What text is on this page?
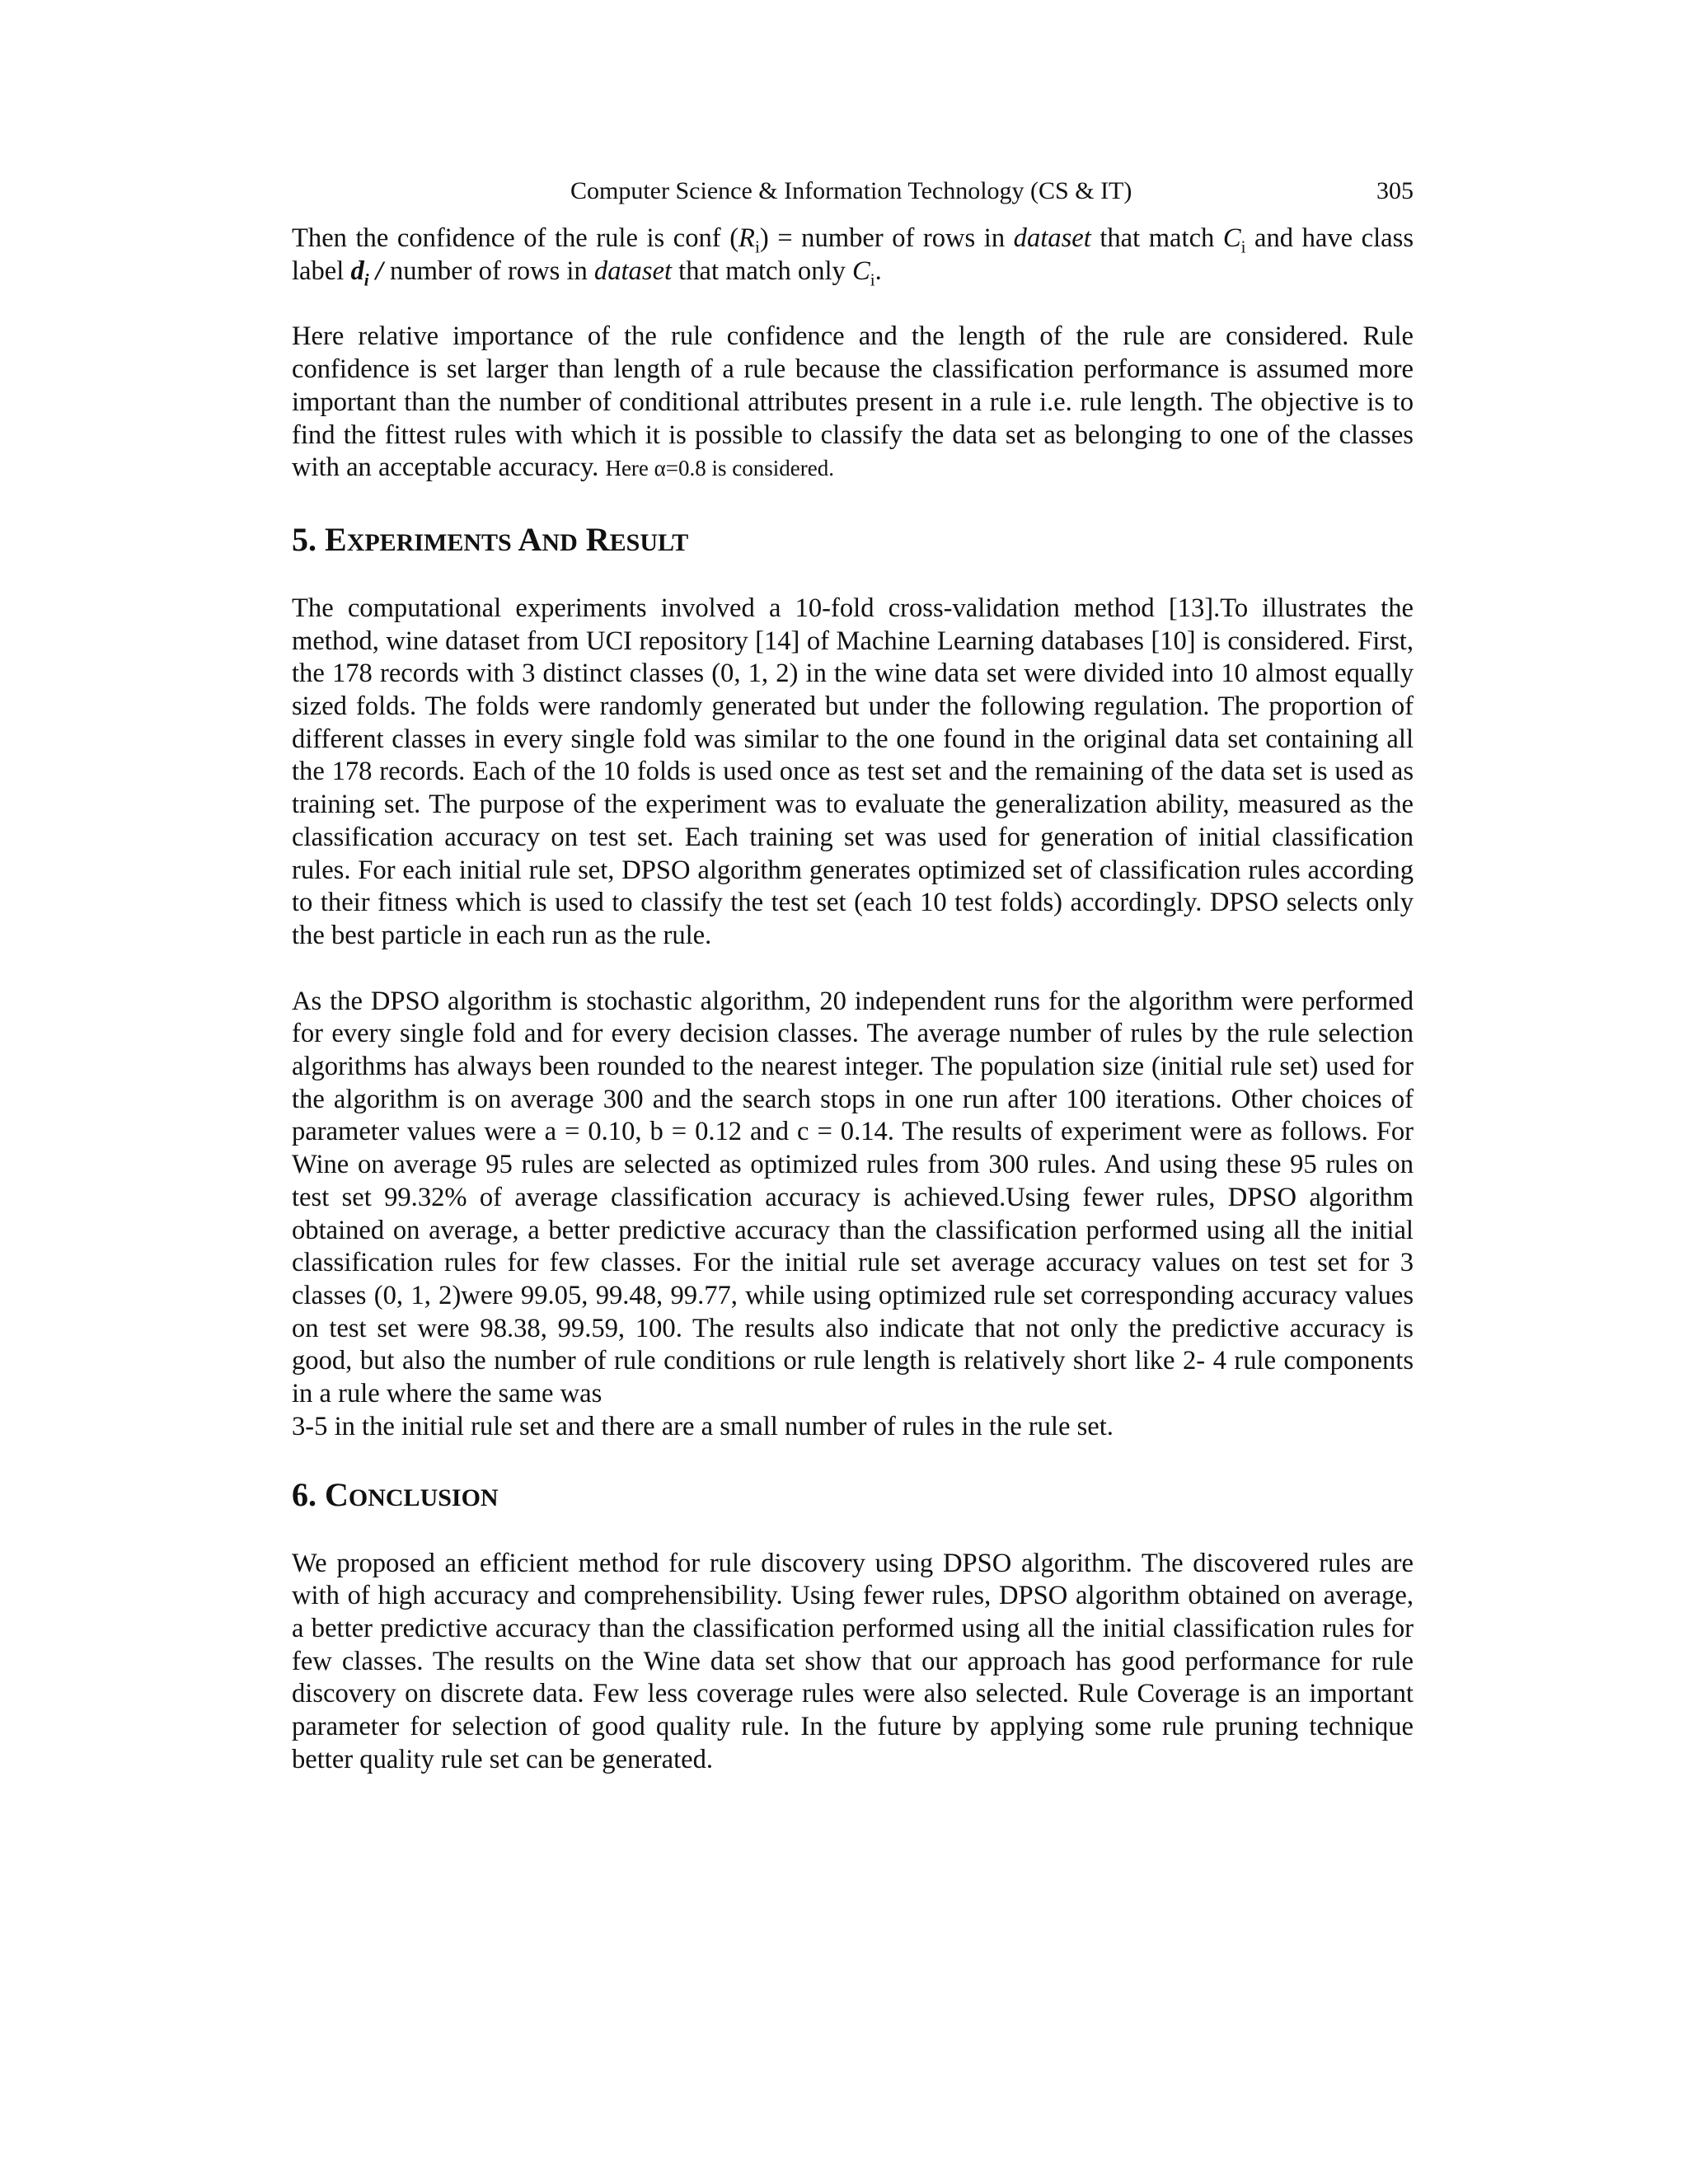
Computer Science & Information Technology (CS & IT)	305

Then the confidence of the rule is conf $(R_i)$ = number of rows in dataset that match $C_i$ and have class label $d_i$ / number of rows in dataset that match only $C_i$.

Here relative importance of the rule confidence and the length of the rule are considered. Rule confidence is set larger than length of a rule because the classification performance is assumed more important than the number of conditional attributes present in a rule i.e. rule length. The objective is to find the fittest rules with which it is possible to classify the data set as belonging to one of the classes with an acceptable accuracy. Here α=0.8 is considered.

5. EXPERIMENTS AND RESULT

The computational experiments involved a 10-fold cross-validation method [13].To illustrates the method, wine dataset from UCI repository [14] of Machine Learning databases [10] is considered. First, the 178 records with 3 distinct classes (0, 1, 2) in the wine data set were divided into 10 almost equally sized folds. The folds were randomly generated but under the following regulation. The proportion of different classes in every single fold was similar to the one found in the original data set containing all the 178 records. Each of the 10 folds is used once as test set and the remaining of the data set is used as training set. The purpose of the experiment was to evaluate the generalization ability, measured as the classification accuracy on test set. Each training set was used for generation of initial classification rules. For each initial rule set, DPSO algorithm generates optimized set of classification rules according to their fitness which is used to classify the test set (each 10 test folds) accordingly. DPSO selects only the best particle in each run as the rule.

As the DPSO algorithm is stochastic algorithm, 20 independent runs for the algorithm were performed for every single fold and for every decision classes. The average number of rules by the rule selection algorithms has always been rounded to the nearest integer. The population size (initial rule set) used for the algorithm is on average 300 and the search stops in one run after 100 iterations. Other choices of parameter values were a = 0.10, b = 0.12 and c = 0.14. The results of experiment were as follows. For Wine on average 95 rules are selected as optimized rules from 300 rules. And using these 95 rules on test set 99.32% of average classification accuracy is achieved.Using fewer rules, DPSO algorithm obtained on average, a better predictive accuracy than the classification performed using all the initial classification rules for few classes. For the initial rule set average accuracy values on test set for 3 classes (0, 1, 2)were 99.05, 99.48, 99.77, while using optimized rule set corresponding accuracy values on test set were 98.38, 99.59, 100. The results also indicate that not only the predictive accuracy is good, but also the number of rule conditions or rule length is relatively short like 2- 4 rule components in a rule where the same was
3-5 in the initial rule set and there are a small number of rules in the rule set.

6. CONCLUSION

We proposed an efficient method for rule discovery using DPSO algorithm. The discovered rules are with of high accuracy and comprehensibility. Using fewer rules, DPSO algorithm obtained on average, a better predictive accuracy than the classification performed using all the initial classification rules for few classes. The results on the Wine data set show that our approach has good performance for rule discovery on discrete data. Few less coverage rules were also selected. Rule Coverage is an important parameter for selection of good quality rule. In the future by applying some rule pruning technique better quality rule set can be generated.
